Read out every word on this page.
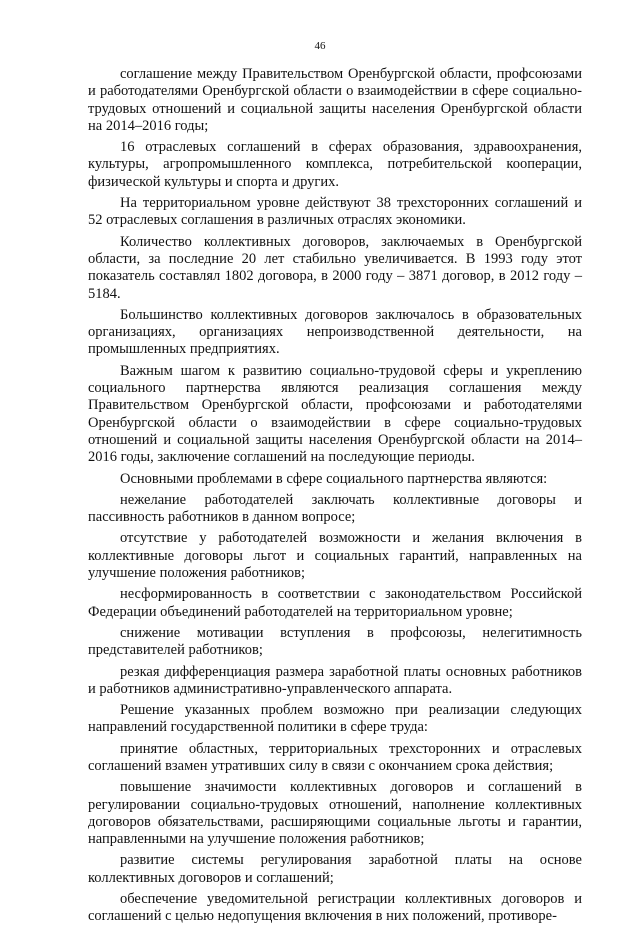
46

соглашение между Правительством Оренбургской области, профсоюзами и работодателями Оренбургской области о взаимодействии в сфере социально-трудовых отношений и социальной защиты населения Оренбургской области на 2014–2016 годы;

16 отраслевых соглашений в сферах образования, здравоохранения, культуры, агропромышленного комплекса, потребительской кооперации, физической культуры и спорта и других.

На территориальном уровне действуют 38 трехсторонних соглашений и 52 отраслевых соглашения в различных отраслях экономики.

Количество коллективных договоров, заключаемых в Оренбургской области, за последние 20 лет стабильно увеличивается. В 1993 году этот показатель составлял 1802 договора, в 2000 году – 3871 договор, в 2012 году – 5184.

Большинство коллективных договоров заключалось в образовательных организациях, организациях непроизводственной деятельности, на промышленных предприятиях.

Важным шагом к развитию социально-трудовой сферы и укреплению социального партнерства являются реализация соглашения между Правительством Оренбургской области, профсоюзами и работодателями Оренбургской области о взаимодействии в сфере социально-трудовых отношений и социальной защиты населения Оренбургской области на 2014–2016 годы, заключение соглашений на последующие периоды.

Основными проблемами в сфере социального партнерства являются:

нежелание работодателей заключать коллективные договоры и пассивность работников в данном вопросе;

отсутствие у работодателей возможности и желания включения в коллективные договоры льгот и социальных гарантий, направленных на улучшение положения работников;

несформированность в соответствии с законодательством Российской Федерации объединений работодателей на территориальном уровне;

снижение мотивации вступления в профсоюзы, нелегитимность представителей работников;

резкая дифференциация размера заработной платы основных работников и работников административно-управленческого аппарата.

Решение указанных проблем возможно при реализации следующих направлений государственной политики в сфере труда:

принятие областных, территориальных трехсторонних и отраслевых соглашений взамен утративших силу в связи с окончанием срока действия;

повышение значимости коллективных договоров и соглашений в регулировании социально-трудовых отношений, наполнение коллективных договоров обязательствами, расширяющими социальные льготы и гарантии, направленными на улучшение положения работников;

развитие системы регулирования заработной платы на основе коллективных договоров и соглашений;

обеспечение уведомительной регистрации коллективных договоров и соглашений с целью недопущения включения в них положений, противоре-
